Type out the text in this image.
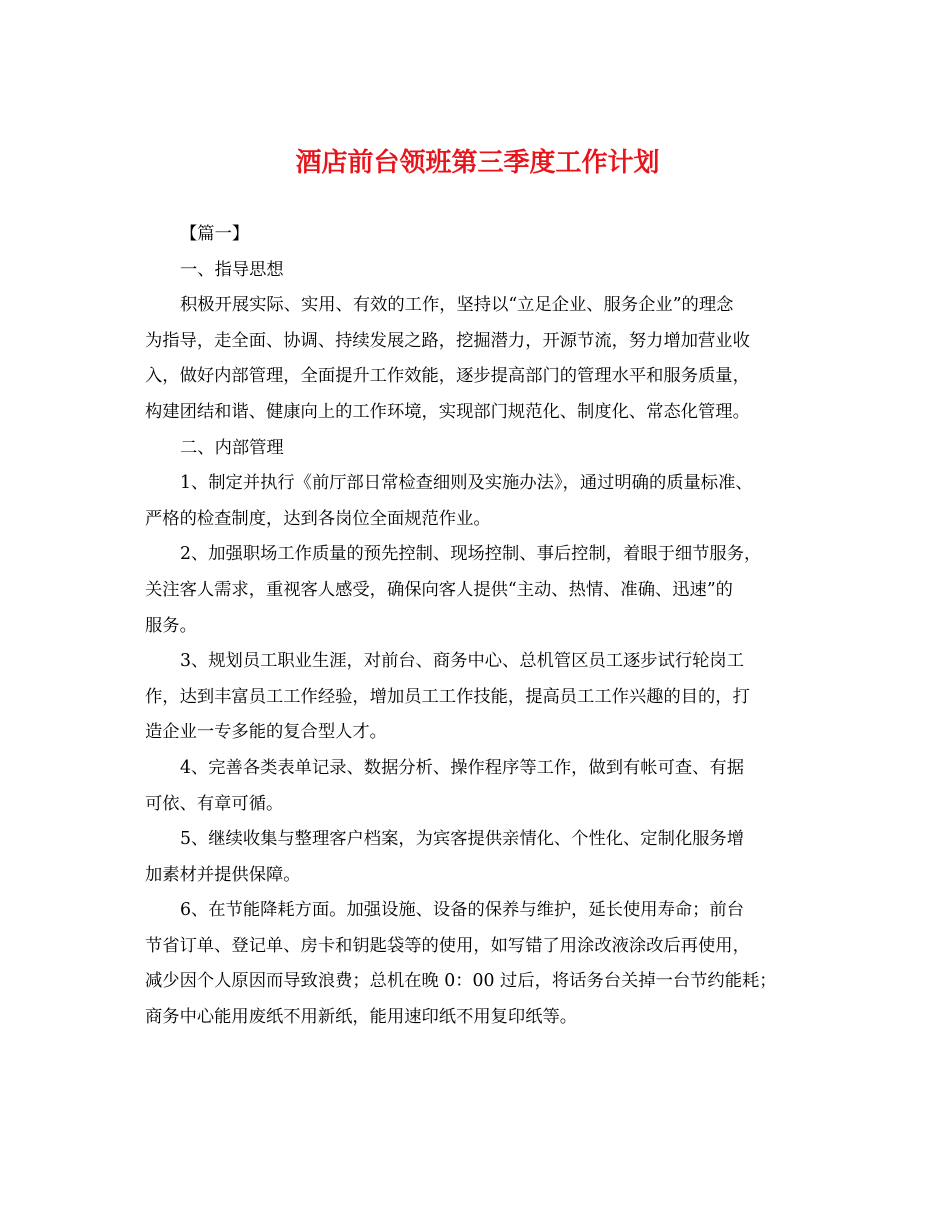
酒店前台领班第三季度工作计划
【篇一】
一、指导思想
积极开展实际、实用、有效的工作，坚持以“立足企业、服务企业”的理念
为指导，走全面、协调、持续发展之路，挖掘潜力，开源节流，努力增加营业收
入，做好内部管理，全面提升工作效能，逐步提高部门的管理水平和服务质量，
构建团结和谐、健康向上的工作环境，实现部门规范化、制度化、常态化管理。
二、内部管理
1、制定并执行《前厅部日常检查细则及实施办法》，通过明确的质量标准、
严格的检查制度，达到各岗位全面规范作业。
2、加强职场工作质量的预先控制、现场控制、事后控制，着眼于细节服务，
关注客人需求，重视客人感受，确保向客人提供“主动、热情、准确、迅速”的
服务。
3、规划员工职业生涯，对前台、商务中心、总机管区员工逐步试行轮岗工
作，达到丰富员工工作经验，增加员工工作技能，提高员工工作兴趣的目的，打
造企业一专多能的复合型人才。
4、完善各类表单记录、数据分析、操作程序等工作，做到有帐可查、有据
可依、有章可循。
5、继续收集与整理客户档案，为宾客提供亲情化、个性化、定制化服务增
加素材并提供保障。
6、在节能降耗方面。加强设施、设备的保养与维护，延长使用寿命；前台
节省订单、登记单、房卡和钥匙袋等的使用，如写错了用涂改液涂改后再使用，
减少因个人原因而导致浪费；总机在晚 0：00 过后，将话务台关掉一台节约能耗；
商务中心能用废纸不用新纸，能用速印纸不用复印纸等。
